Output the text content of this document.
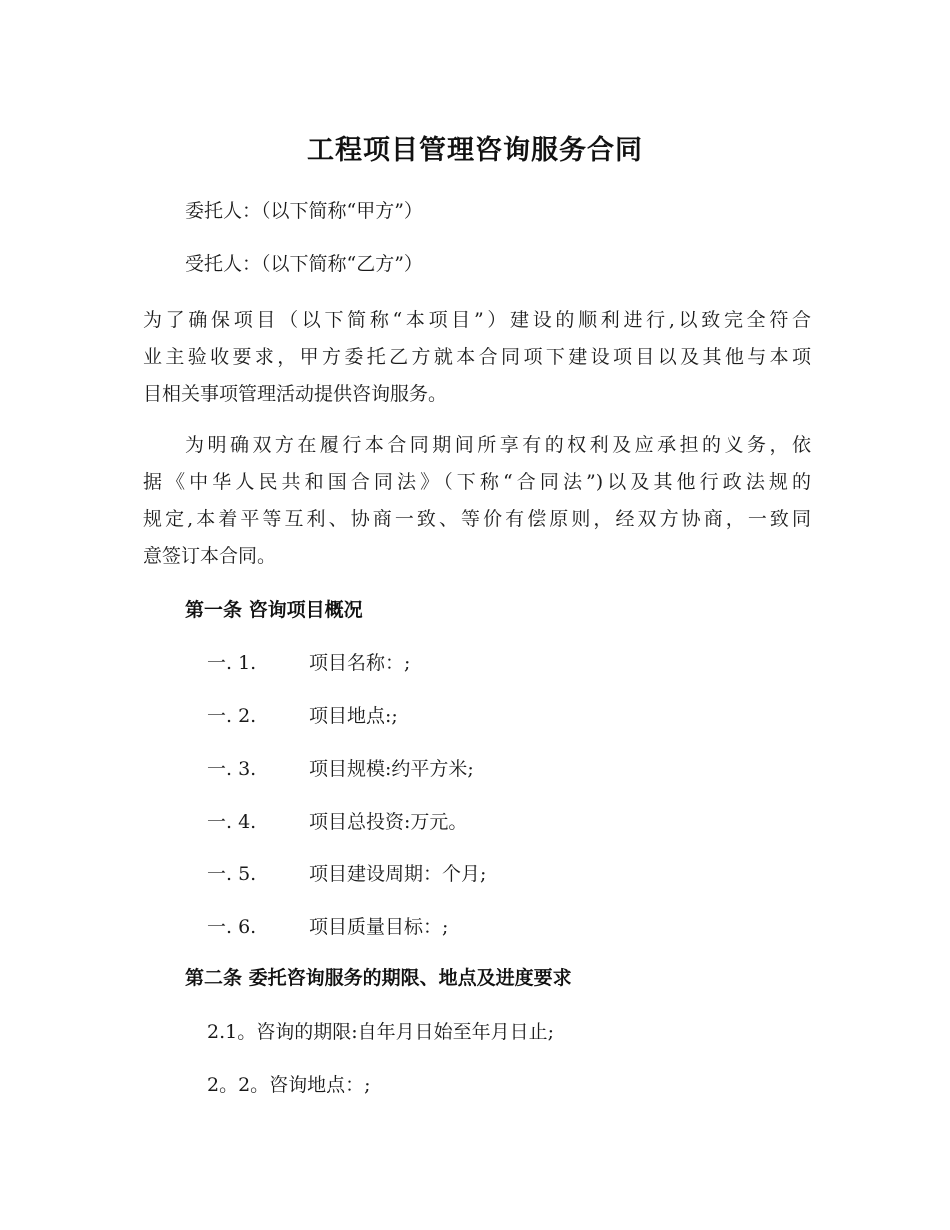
工程项目管理咨询服务合同
委托人：（以下简称“甲方”）
受托人：（以下简称“乙方”）
为了确保项目（以下简称“本项目”）建设的顺利进行,以致完全符合
业主验收要求，甲方委托乙方就本合同项下建设项目以及其他与本项
目相关事项管理活动提供咨询服务。
为明确双方在履行本合同期间所享有的权利及应承担的义务，依
据《中华人民共和国合同法》（下称“合同法”)以及其他行政法规的
规定,本着平等互利、协商一致、等价有偿原则，经双方协商，一致同
意签订本合同。
第一条 咨询项目概况
一. 1.	项目名称：;
一. 2.	项目地点:;
一. 3.	项目规模:约平方米;
一. 4.	项目总投资:万元。
一. 5.	项目建设周期：个月;
一. 6.	项目质量目标：;
第二条 委托咨询服务的期限、地点及进度要求
2.1。咨询的期限:自年月日始至年月日止;
2。2。咨询地点：;
